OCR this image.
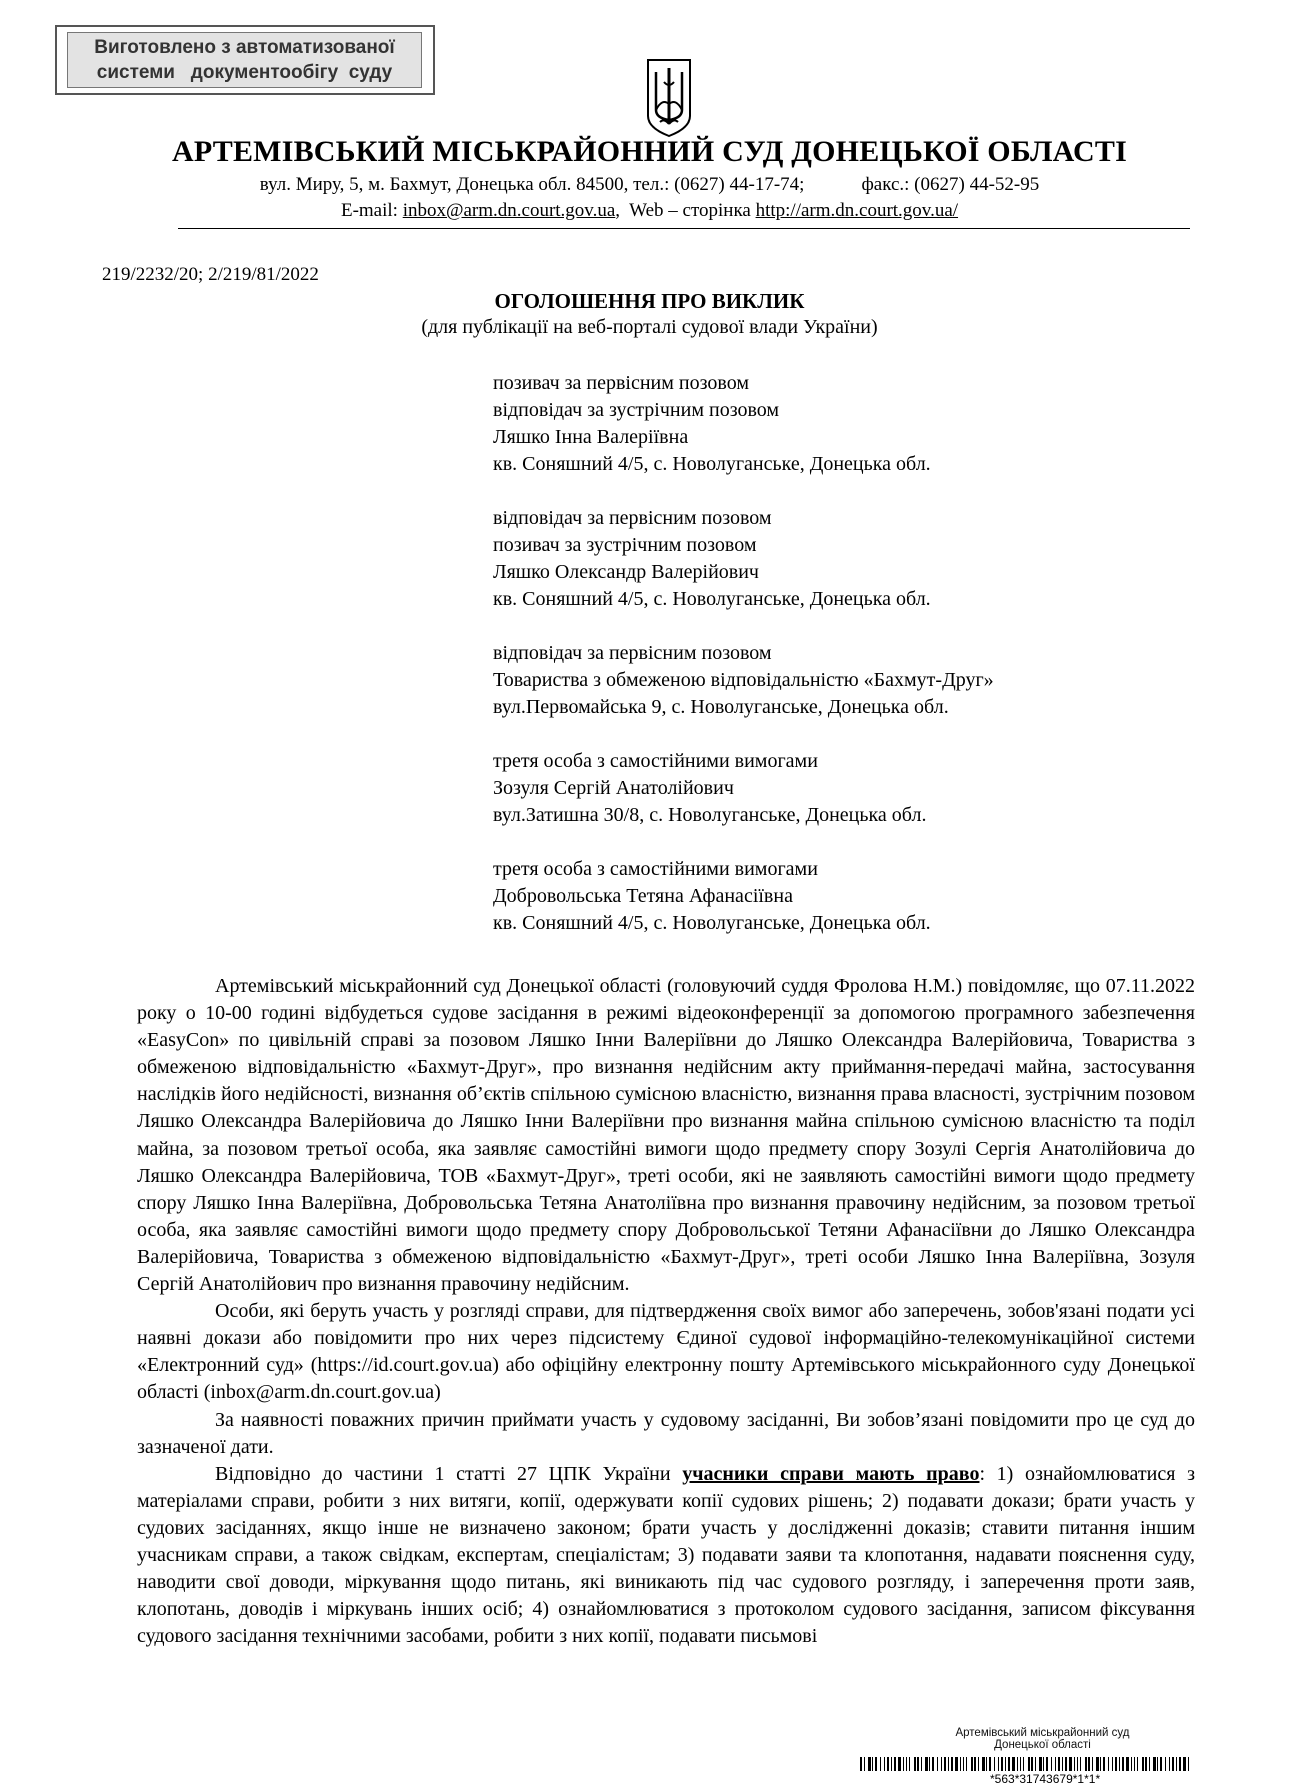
Виготовлено з автоматизованої
системи   документообігу  суду
АРТЕМІВСЬКИЙ МІСЬКРАЙОННИЙ СУД ДОНЕЦЬКОЇ ОБЛАСТІ
вул. Миру, 5, м. Бахмут, Донецька обл. 84500, тел.: (0627) 44-17-74;	факс.: (0627) 44-52-95
E-mail: inbox@arm.dn.court.gov.ua,  Web – сторінка http://arm.dn.court.gov.ua/
219/2232/20; 2/219/81/2022
ОГОЛОШЕННЯ ПРО ВИКЛИК
(для публікації на веб-порталі судової влади України)
позивач за первісним позовом
відповідач за зустрічним позовом
Ляшко Інна Валеріївна
кв. Соняшний 4/5, с. Новолуганське, Донецька обл.
відповідач за первісним позовом
позивач за зустрічним позовом
Ляшко Олександр Валерійович
кв. Соняшний 4/5, с. Новолуганське, Донецька обл.
відповідач за первісним позовом
Товариства з обмеженою відповідальністю «Бахмут-Друг»
вул.Первомайська 9, с. Новолуганське, Донецька обл.
третя особа з самостійними вимогами
Зозуля Сергій Анатолійович
вул.Затишна 30/8, с. Новолуганське, Донецька обл.
третя особа з самостійними вимогами
Добровольська Тетяна Афанасіївна
кв. Соняшний 4/5, с. Новолуганське, Донецька обл.

Артемівський міськрайонний суд Донецької області (головуючий суддя Фролова Н.М.) повідомляє, що 07.11.2022 року о 10-00 годині відбудеться судове засідання в режимі відеоконференції за допомогою програмного забезпечення «EasyCon» по цивільній справі за позовом Ляшко Інни Валеріївни до Ляшко Олександра Валерійовича, Товариства з обмеженою відповідальністю «Бахмут-Друг», про визнання недійсним акту приймання-передачі майна, застосування наслідків його недійсності, визнання об’єктів спільною сумісною власністю, визнання права власності, зустрічним позовом Ляшко Олександра Валерійовича до Ляшко Інни Валеріївни про визнання майна спільною сумісною власністю та поділ майна, за позовом третьої особа, яка заявляє самостійні вимоги щодо предмету спору Зозулі Сергія Анатолійовича до Ляшко Олександра Валерійовича, ТОВ «Бахмут-Друг», треті особи, які не заявляють самостійні вимоги щодо предмету спору Ляшко Інна Валеріївна, Добровольська Тетяна Анатоліївна про визнання правочину недійсним, за позовом третьої особа, яка заявляє самостійні вимоги щодо предмету спору Добровольської Тетяни Афанасіївни до Ляшко Олександра Валерійовича, Товариства з обмеженою відповідальністю «Бахмут-Друг», треті особи Ляшко Інна Валеріївна, Зозуля Сергій Анатолійович про визнання правочину недійсним.

Особи, які беруть участь у розгляді справи, для підтвердження своїх вимог або заперечень, зобов'язані подати усі наявні докази або повідомити про них через підсистему Єдиної судової інформаційно-телекомунікаційної системи «Електронний суд» (https://id.court.gov.ua) або офіційну електронну пошту Артемівського міськрайонного суду Донецької області (inbox@arm.dn.court.gov.ua)

За наявності поважних причин приймати участь у судовому засіданні, Ви зобов’язані повідомити про це суд до зазначеної дати.

Відповідно до частини 1 статті 27 ЦПК України учасники справи мають право: 1) ознайомлюватися з матеріалами справи, робити з них витяги, копії, одержувати копії судових рішень; 2) подавати докази; брати участь у судових засіданнях, якщо інше не визначено законом; брати участь у дослідженні доказів; ставити питання іншим учасникам справи, а також свідкам, експертам, спеціалістам; 3) подавати заяви та клопотання, надавати пояснення суду, наводити свої доводи, міркування щодо питань, які виникають під час судового розгляду, і заперечення проти заяв, клопотань, доводів і міркувань інших осіб; 4) ознайомлюватися з протоколом судового засідання, записом фіксування судового засідання технічними засобами, робити з них копії, подавати письмові

Артемівський міськрайонний суд
Донецької області
*563*31743679*1*1*
